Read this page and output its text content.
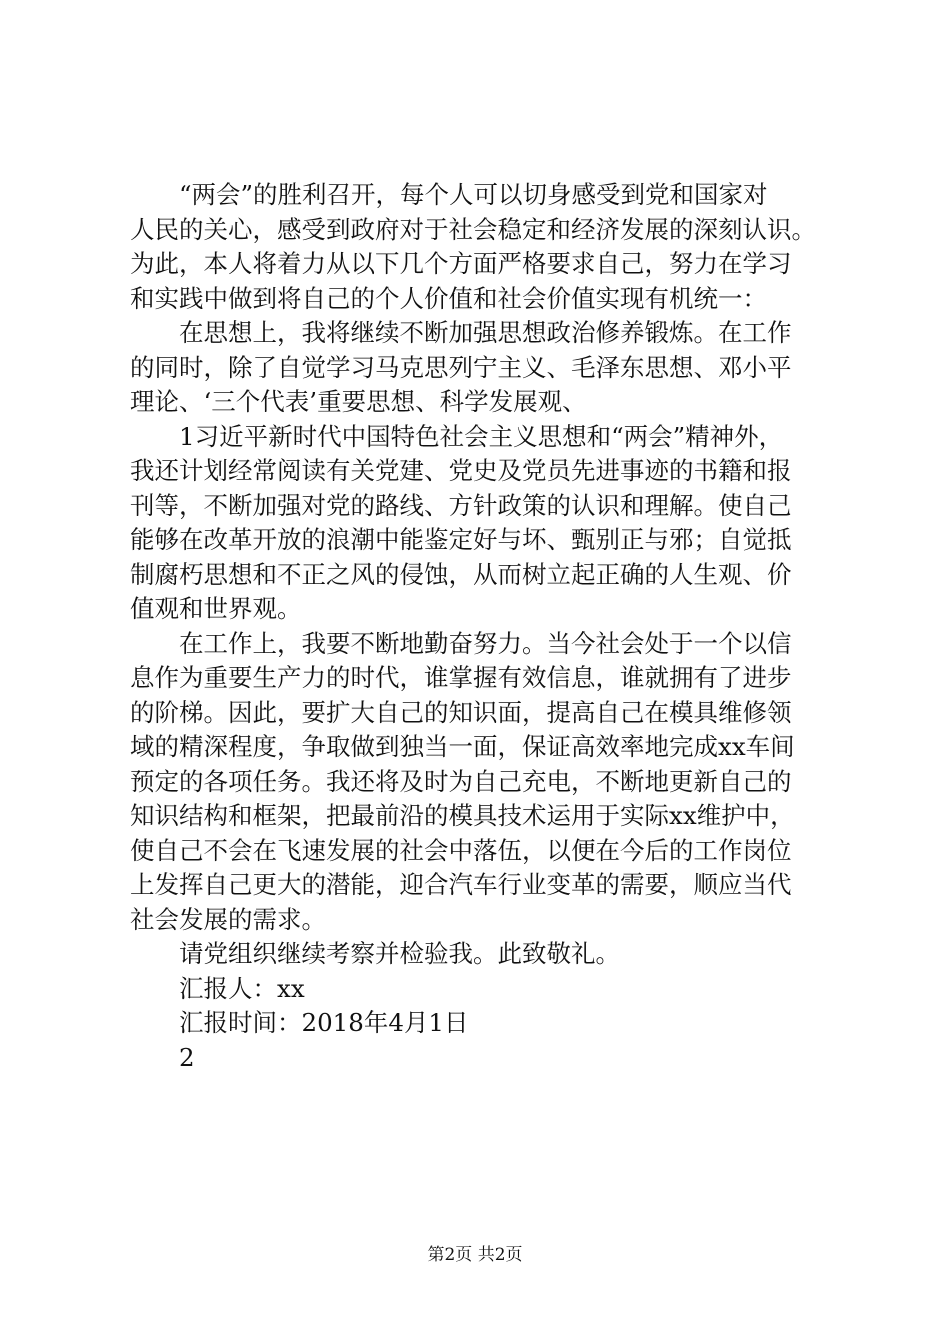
“两会”的胜利召开，每个人可以切身感受到党和国家对
人民的关心，感受到政府对于社会稳定和经济发展的深刻认识。
为此，本人将着力从以下几个方面严格要求自己，努力在学习
和实践中做到将自己的个人价值和社会价值实现有机统一：
在思想上，我将继续不断加强思想政治修养锻炼。在工作
的同时，除了自觉学习马克思列宁主义、毛泽东思想、邓小平
理论、‘三个代表’重要思想、科学发展观、
1习近平新时代中国特色社会主义思想和“两会”精神外，
我还计划经常阅读有关党建、党史及党员先进事迹的书籍和报
刊等，不断加强对党的路线、方针政策的认识和理解。使自己
能够在改革开放的浪潮中能鉴定好与坏、甄别正与邪；自觉抵
制腐朽思想和不正之风的侵蚀，从而树立起正确的人生观、价
值观和世界观。
在工作上，我要不断地勤奋努力。当今社会处于一个以信
息作为重要生产力的时代，谁掌握有效信息，谁就拥有了进步
的阶梯。因此，要扩大自己的知识面，提高自己在模具维修领
域的精深程度，争取做到独当一面，保证高效率地完成xx车间
预定的各项任务。我还将及时为自己充电，不断地更新自己的
知识结构和框架，把最前沿的模具技术运用于实际xx维护中，
使自己不会在飞速发展的社会中落伍，以便在今后的工作岗位
上发挥自己更大的潜能，迎合汽车行业变革的需要，顺应当代
社会发展的需求。
请党组织继续考察并检验我。此致敬礼。
汇报人：xx
汇报时间：2018年4月1日
2
第2页 共2页
